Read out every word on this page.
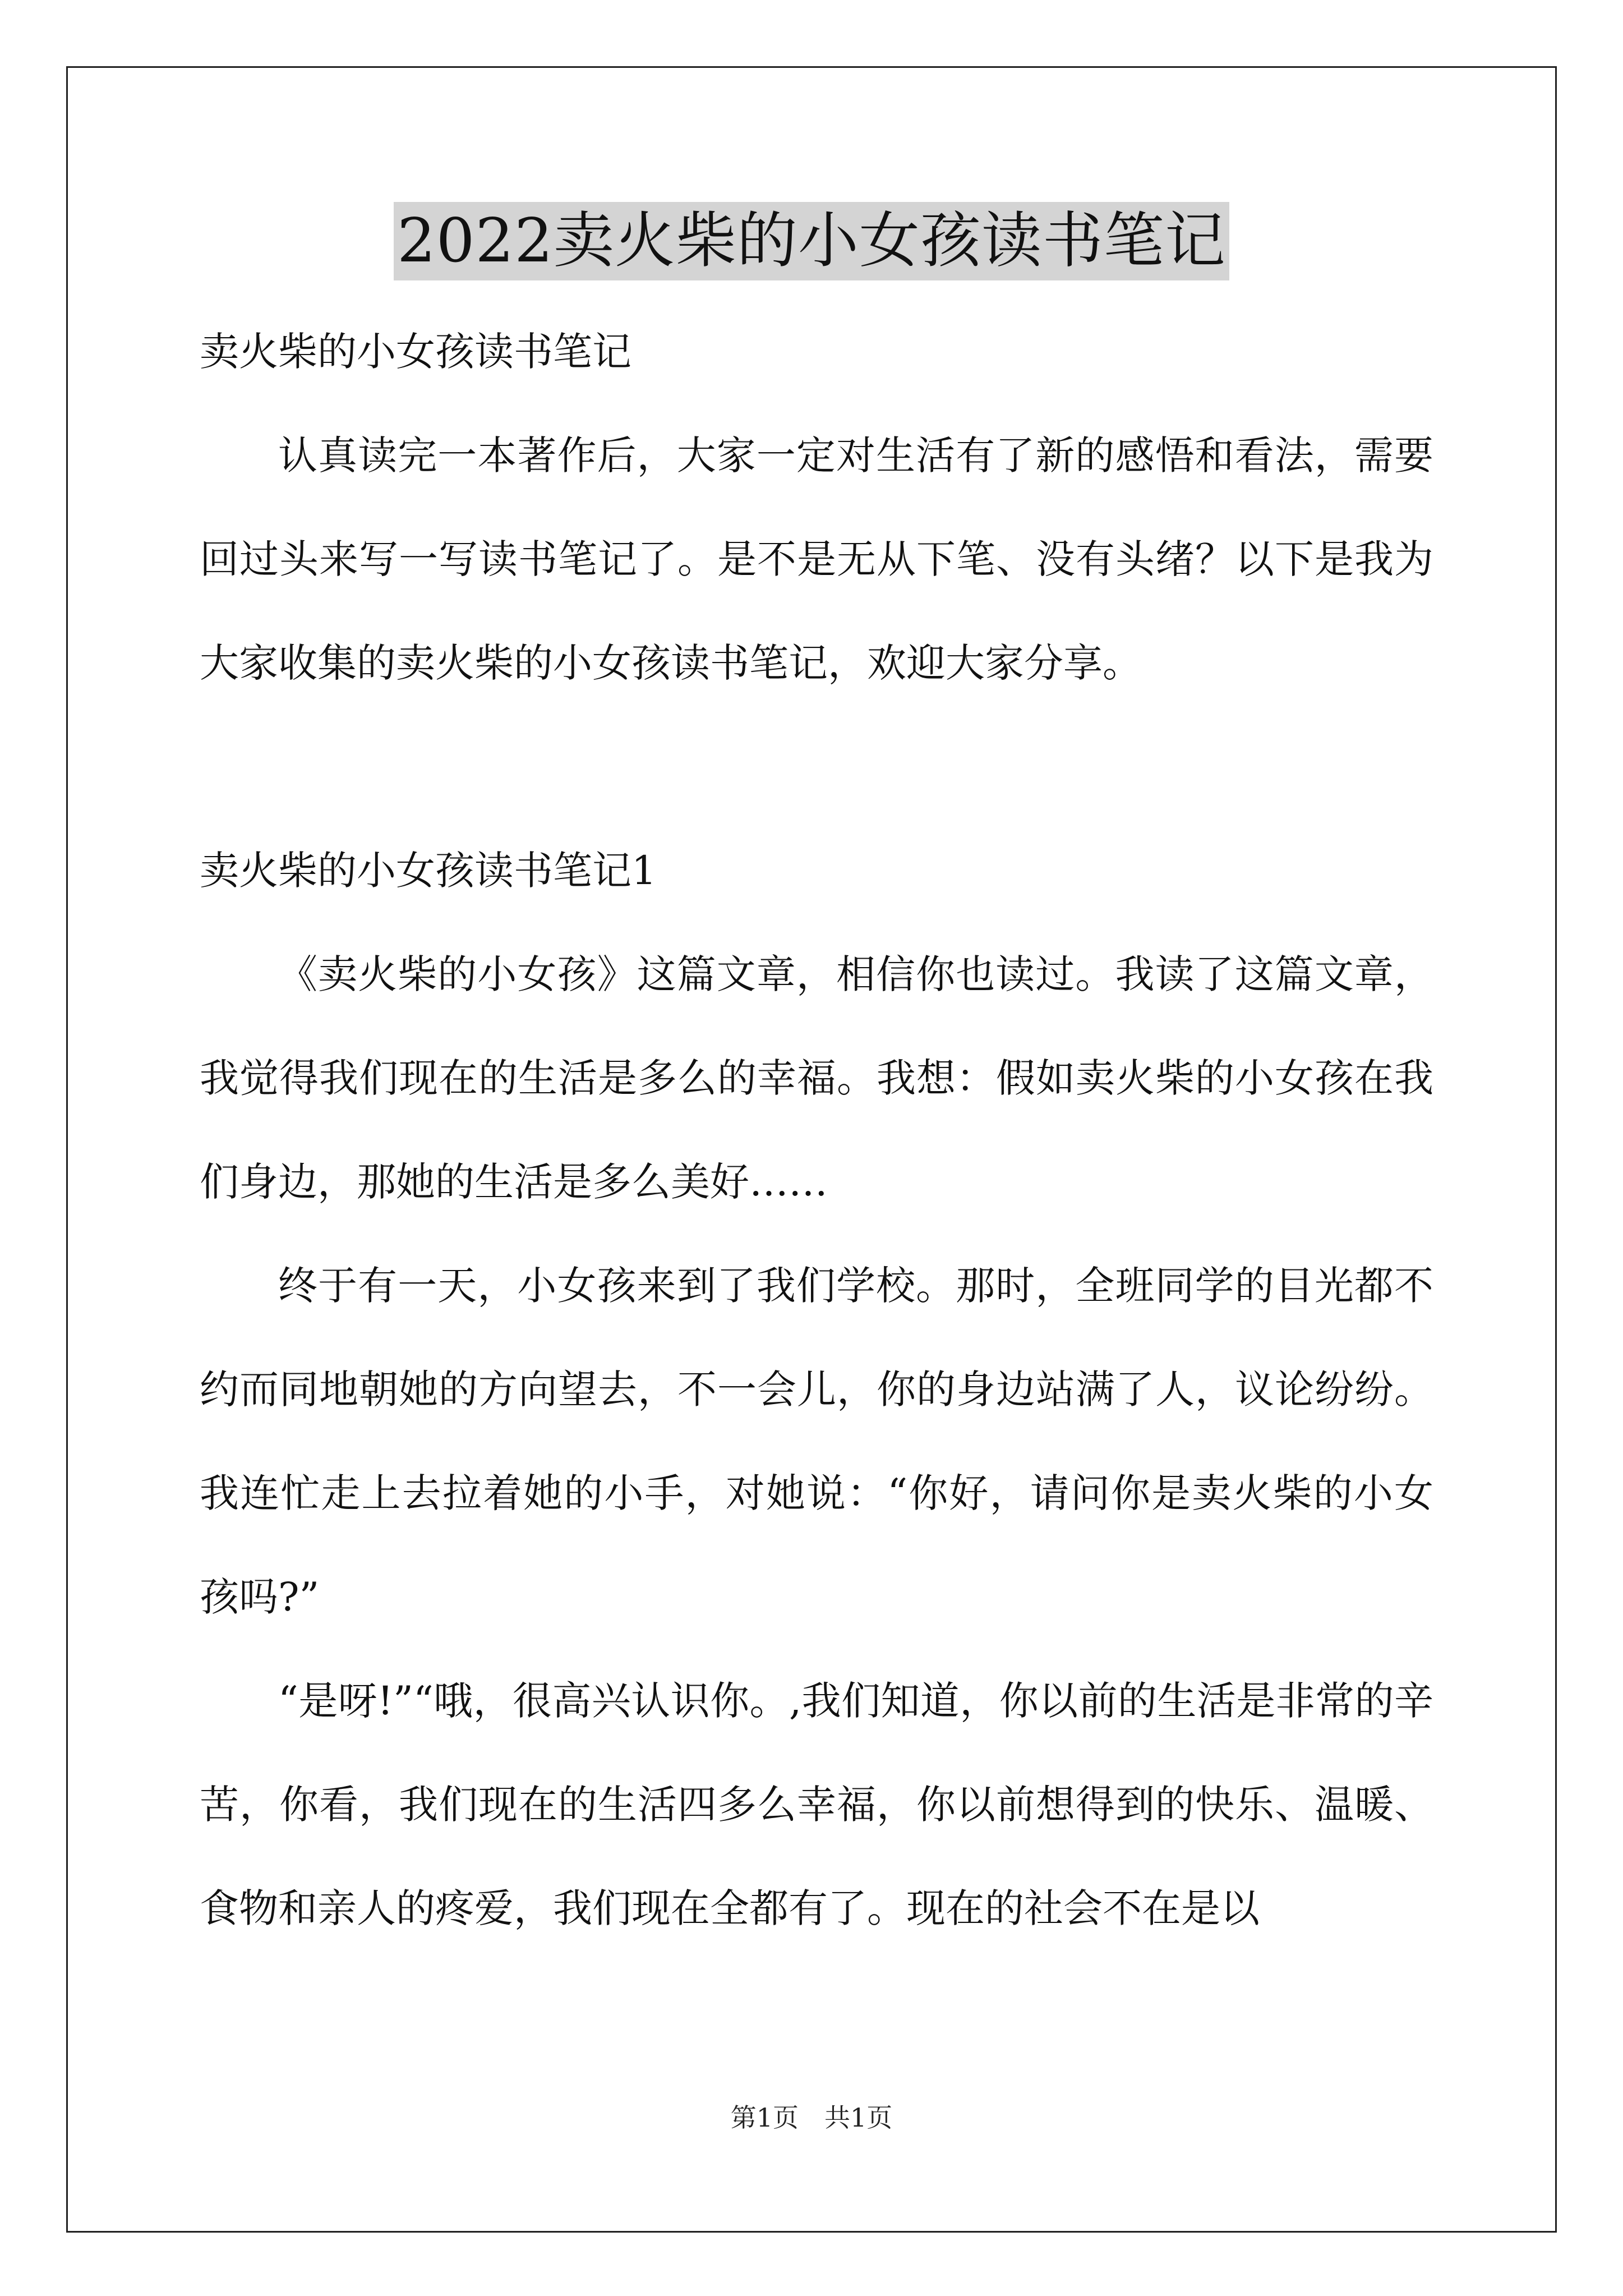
2022卖火柴的小女孩读书笔记

卖火柴的小女孩读书笔记

认真读完一本著作后，大家一定对生活有了新的感悟和看法，需要回过头来写一写读书笔记了。是不是无从下笔、没有头绪？以下是我为大家收集的卖火柴的小女孩读书笔记，欢迎大家分享。

卖火柴的小女孩读书笔记1

《卖火柴的小女孩》这篇文章，相信你也读过。我读了这篇文章，我觉得我们现在的生活是多么的幸福。我想：假如卖火柴的小女孩在我们身边，那她的生活是多么美好……

终于有一天，小女孩来到了我们学校。那时，全班同学的目光都不约而同地朝她的方向望去，不一会儿，你的身边站满了人，议论纷纷。我连忙走上去拉着她的小手，对她说：“你好，请问你是卖火柴的小女孩吗?”

“是呀!”“哦，很高兴认识你。,我们知道，你以前的生活是非常的辛苦，你看，我们现在的生活四多么幸福，你以前想得到的快乐、温暖、食物和亲人的疼爱，我们现在全都有了。现在的社会不在是以

第1页 共1页
